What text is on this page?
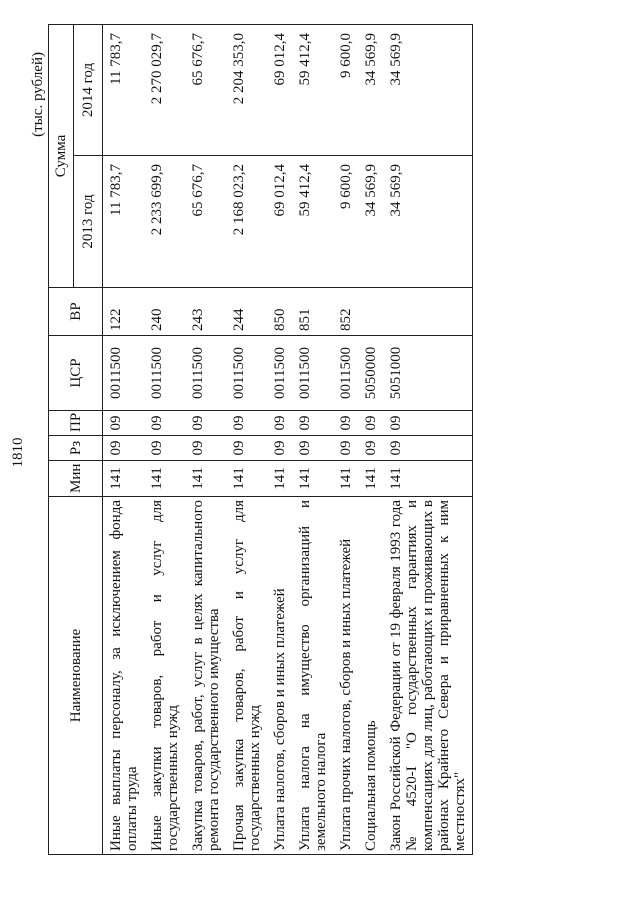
1810
(тыс. рублей)
Наименование	Мин	Рз	ПР	ЦСР	ВР	Сумма	
						2013 год	2014 год
Иные выплаты персоналу, за исключением фонда оплаты труда	141	09	09	0011500	122	11 783,7	11 783,7
Иные закупки товаров, работ и услуг для государственных нужд	141	09	09	0011500	240	2 233 699,9	2 270 029,7
Закупка товаров, работ, услуг в целях капитального ремонта государственного имущества	141	09	09	0011500	243	65 676,7	65 676,7
Прочая закупка товаров, работ и услуг для государственных нужд	141	09	09	0011500	244	2 168 023,2	2 204 353,0
Уплата налогов, сборов и иных платежей	141	09	09	0011500	850	69 012,4	69 012,4
Уплата налога на имущество организаций и земельного налога	141	09	09	0011500	851	59 412,4	59 412,4
Уплата прочих налогов, сборов и иных платежей	141	09	09	0011500	852	9 600,0	9 600,0
Социальная помощь	141	09	09	5050000		34 569,9	34 569,9
Закон Российской Федерации от 19 февраля 1993 года № 4520-I "О государственных гарантиях и компенсациях для лиц, работающих и проживающих в районах Крайнего Севера и приравненных к ним местностях"	141	09	09	5051000		34 569,9	34 569,9
